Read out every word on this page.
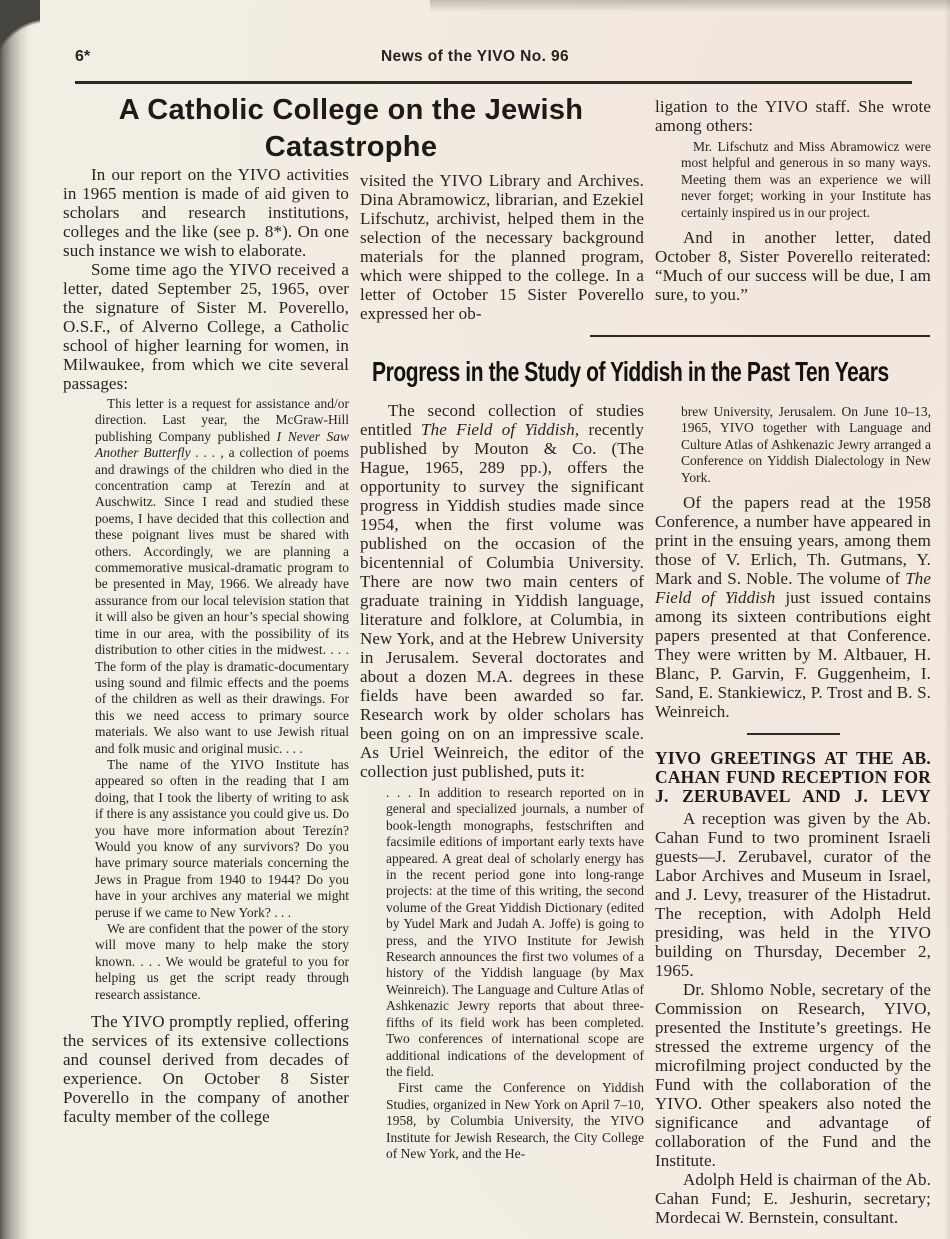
6*	News of the YIVO No. 96
A Catholic College on the Jewish Catastrophe

In our report on the YIVO activities in 1965 mention is made of aid given to scholars and research institutions, colleges and the like (see p. 8*). On one such instance we wish to elaborate.

Some time ago the YIVO received a letter, dated September 25, 1965, over the signature of Sister M. Poverello, O.S.F., of Alverno College, a Catholic school of higher learning for women, in Milwaukee, from which we cite several passages:

This letter is a request for assistance and/or direction. Last year, the McGraw-Hill publishing Company published I Never Saw Another Butterfly . . . , a collection of poems and drawings of the children who died in the concentration camp at Terezín and at Auschwitz. Since I read and studied these poems, I have decided that this collection and these poignant lives must be shared with others. Accordingly, we are planning a commemorative musical-dramatic program to be presented in May, 1966. We already have assurance from our local television station that it will also be given an hour’s special showing time in our area, with the possibility of its distribution to other cities in the midwest. . . . The form of the play is dramatic-documentary using sound and filmic effects and the poems of the children as well as their drawings. For this we need access to primary source materials. We also want to use Jewish ritual and folk music and original music. . . .

The name of the YIVO Institute has appeared so often in the reading that I am doing, that I took the liberty of writing to ask if there is any assistance you could give us. Do you have more information about Terezín? Would you know of any survivors? Do you have primary source materials concerning the Jews in Prague from 1940 to 1944? Do you have in your archives any material we might peruse if we came to New York? . . .

We are confident that the power of the story will move many to help make the story known. . . . We would be grateful to you for helping us get the script ready through research assistance.

The YIVO promptly replied, offering the services of its extensive collections and counsel derived from decades of experience. On October 8 Sister Poverello in the company of another faculty member of the college

visited the YIVO Library and Archives. Dina Abramowicz, librarian, and Ezekiel Lifschutz, archivist, helped them in the selection of the necessary background materials for the planned program, which were shipped to the college. In a letter of October 15 Sister Poverello expressed her ob-

ligation to the YIVO staff. She wrote among others:

Mr. Lifschutz and Miss Abramowicz were most helpful and generous in so many ways. Meeting them was an experience we will never forget; working in your Institute has certainly inspired us in our project.

And in another letter, dated October 8, Sister Poverello reiterated: “Much of our success will be due, I am sure, to you.”

Progress in the Study of Yiddish in the Past Ten Years

The second collection of studies entitled The Field of Yiddish, recently published by Mouton & Co. (The Hague, 1965, 289 pp.), offers the opportunity to survey the significant progress in Yiddish studies made since 1954, when the first volume was published on the occasion of the bicentennial of Columbia University. There are now two main centers of graduate training in Yiddish language, literature and folklore, at Columbia, in New York, and at the Hebrew University in Jerusalem. Several doctorates and about a dozen M.A. degrees in these fields have been awarded so far. Research work by older scholars has been going on on an impressive scale. As Uriel Weinreich, the editor of the collection just published, puts it:

. . . In addition to research reported on in general and specialized journals, a number of book-length monographs, festschriften and facsimile editions of important early texts have appeared. A great deal of scholarly energy has in the recent period gone into long-range projects: at the time of this writing, the second volume of the Great Yiddish Dictionary (edited by Yudel Mark and Judah A. Joffe) is going to press, and the YIVO Institute for Jewish Research announces the first two volumes of a history of the Yiddish language (by Max Weinreich). The Language and Culture Atlas of Ashkenazic Jewry reports that about three-fifths of its field work has been completed. Two conferences of international scope are additional indications of the development of the field.

First came the Conference on Yiddish Studies, organized in New York on April 7–10, 1958, by Columbia University, the YIVO Institute for Jewish Research, the City College of New York, and the He-

brew University, Jerusalem. On June 10–13, 1965, YIVO together with Language and Culture Atlas of Ashkenazic Jewry arranged a Conference on Yiddish Dialectology in New York.

Of the papers read at the 1958 Conference, a number have appeared in print in the ensuing years, among them those of V. Erlich, Th. Gutmans, Y. Mark and S. Noble. The volume of The Field of Yiddish just issued contains among its sixteen contributions eight papers presented at that Conference. They were written by M. Altbauer, H. Blanc, P. Garvin, F. Guggenheim, I. Sand, E. Stankiewicz, P. Trost and B. S. Weinreich.

YIVO GREETINGS AT THE AB.
CAHAN FUND RECEPTION FOR
J. ZERUBAVEL AND J. LEVY

A reception was given by the Ab. Cahan Fund to two prominent Israeli guests—J. Zerubavel, curator of the Labor Archives and Museum in Israel, and J. Levy, treasurer of the Histadrut. The reception, with Adolph Held presiding, was held in the YIVO building on Thursday, December 2, 1965.

Dr. Shlomo Noble, secretary of the Commission on Research, YIVO, presented the Institute’s greetings. He stressed the extreme urgency of the microfilming project conducted by the Fund with the collaboration of the YIVO. Other speakers also noted the significance and advantage of collaboration of the Fund and the Institute.

Adolph Held is chairman of the Ab. Cahan Fund; E. Jeshurin, secretary; Mordecai W. Bernstein, consultant.
